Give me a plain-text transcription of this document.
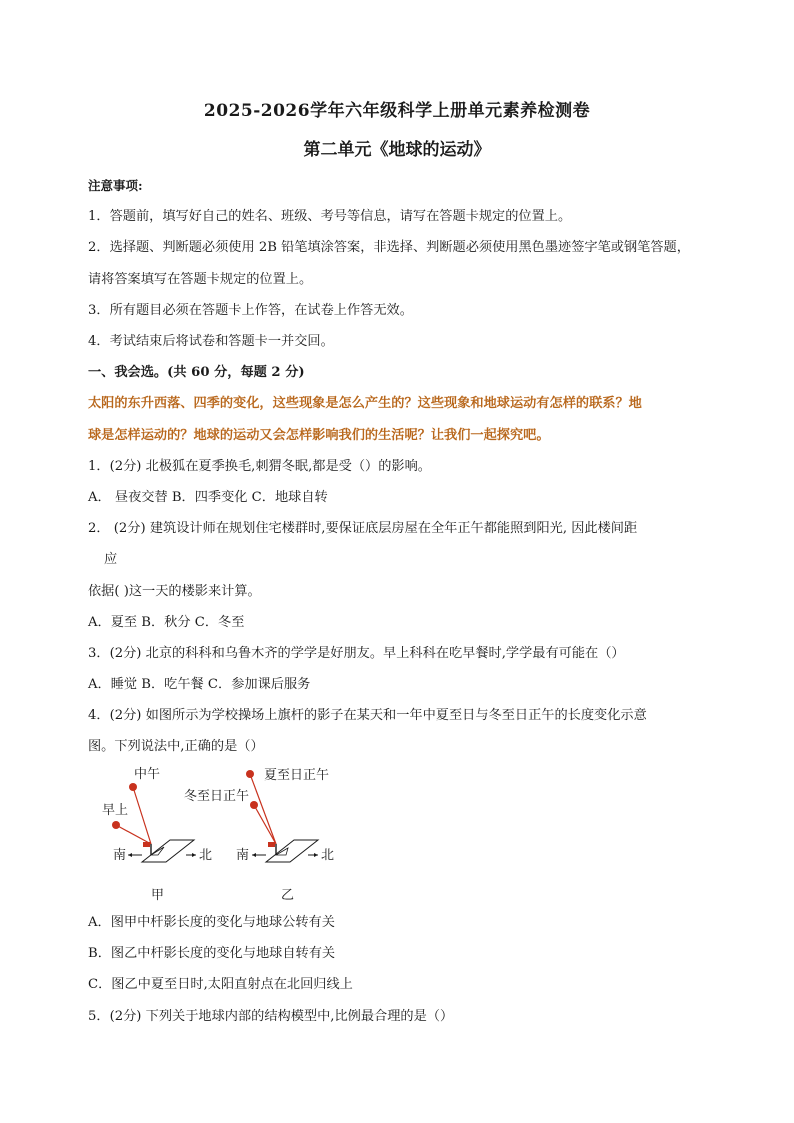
2025-2026学年六年级科学上册单元素养检测卷
第二单元《地球的运动》
注意事项:
1．答题前，填写好自己的姓名、班级、考号等信息，请写在答题卡规定的位置上。
2．选择题、判断题必须使用 2B 铅笔填涂答案，非选择、判断题必须使用黑色墨迹签字笔或钢笔答题，
请将答案填写在答题卡规定的位置上。
3．所有题目必须在答题卡上作答，在试卷上作答无效。
4．考试结束后将试卷和答题卡一并交回。
一、我会选。(共 60 分，每题 2 分)
太阳的东升西落、四季的变化，这些现象是怎么产生的？这些现象和地球运动有怎样的联系？地
球是怎样运动的？地球的运动又会怎样影响我们的生活呢？让我们一起探究吧。
1．(2分) 北极狐在夏季换毛,刺猬冬眠,都是受（）的影响。
A． 昼夜交替 B．四季变化 C．地球自转
2． (2分) 建筑设计师在规划住宅楼群时,要保证底层房屋在全年正午都能照到阳光, 因此楼间距
应
依据( )这一天的楼影来计算。
A．夏至 B．秋分 C．冬至
3．(2分) 北京的科科和乌鲁木齐的学学是好朋友。早上科科在吃早餐时,学学最有可能在（）
A．睡觉 B．吃午餐 C．参加课后服务
4．(2分) 如图所示为学校操场上旗杆的影子在某天和一年中夏至日与冬至日正午的长度变化示意
图。下列说法中,正确的是（）
中午
早上
南	北
甲
夏至日正午
冬至日正午
南	北
乙
A．图甲中杆影长度的变化与地球公转有关
B．图乙中杆影长度的变化与地球自转有关
C．图乙中夏至日时,太阳直射点在北回归线上
5．(2分) 下列关于地球内部的结构模型中,比例最合理的是（）
